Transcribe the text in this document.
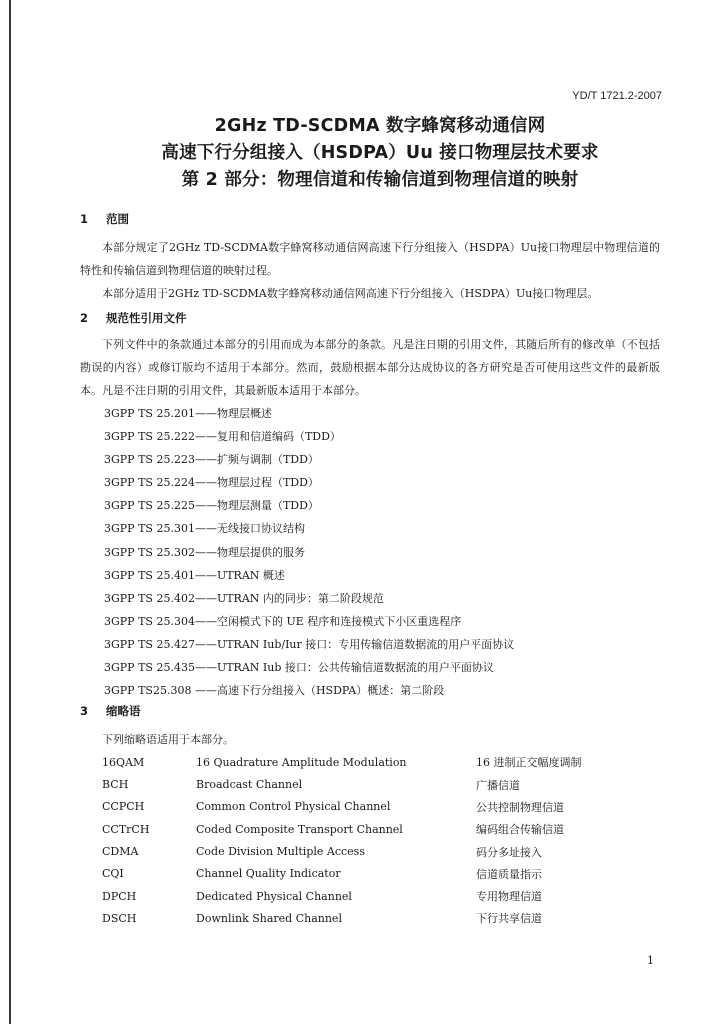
YD/T 1721.2-2007
2GHz TD-SCDMA 数字蜂窝移动通信网
高速下行分组接入（HSDPA）Uu 接口物理层技术要求
第 2 部分：物理信道和传输信道到物理信道的映射
1 范围

本部分规定了2GHz TD-SCDMA数字蜂窝移动通信网高速下行分组接入（HSDPA）Uu接口物理层中物理信道的特性和传输信道到物理信道的映射过程。

本部分适用于2GHz TD-SCDMA数字蜂窝移动通信网高速下行分组接入（HSDPA）Uu接口物理层。

2 规范性引用文件

下列文件中的条款通过本部分的引用而成为本部分的条款。凡是注日期的引用文件，其随后所有的修改单（不包括勘误的内容）或修订版均不适用于本部分。然而，鼓励根据本部分达成协议的各方研究是否可使用这些文件的最新版本。凡是不注日期的引用文件，其最新版本适用于本部分。

3GPP TS 25.201——物理层概述
3GPP TS 25.222——复用和信道编码（TDD）
3GPP TS 25.223——扩频与调制（TDD）
3GPP TS 25.224——物理层过程（TDD）
3GPP TS 25.225——物理层测量（TDD）
3GPP TS 25.301——无线接口协议结构
3GPP TS 25.302——物理层提供的服务
3GPP TS 25.401——UTRAN 概述
3GPP TS 25.402——UTRAN 内的同步：第二阶段规范
3GPP TS 25.304——空闲模式下的 UE 程序和连接模式下小区重选程序
3GPP TS 25.427——UTRAN Iub/Iur 接口：专用传输信道数据流的用户平面协议
3GPP TS 25.435——UTRAN Iub 接口：公共传输信道数据流的用户平面协议
3GPP TS25.308 ——高速下行分组接入（HSDPA）概述：第二阶段
3 缩略语

下列缩略语适用于本部分。

16QAM	16 Quadrature Amplitude Modulation	16 进制正交幅度调制
BCH	Broadcast Channel	广播信道
CCPCH	Common Control Physical Channel	公共控制物理信道
CCTrCH	Coded Composite Transport Channel	编码组合传输信道
CDMA	Code Division Multiple Access	码分多址接入
CQI	Channel Quality Indicator	信道质量指示
DPCH	Dedicated Physical Channel	专用物理信道
DSCH	Downlink Shared Channel	下行共享信道
1
